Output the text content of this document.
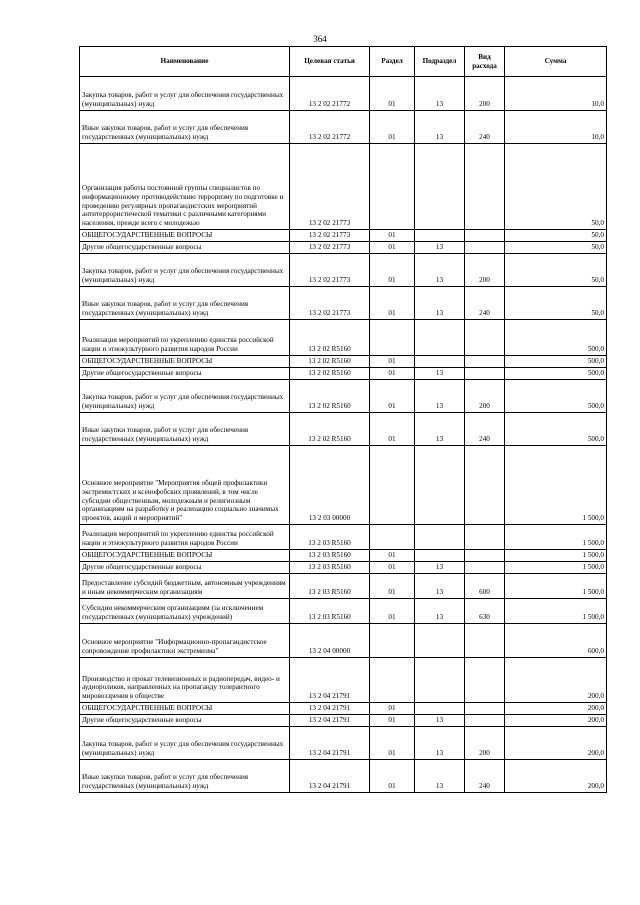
364
Наименование	Целевая статья	Раздел	Подраздел	Вид расхода	Сумма
Закупка товаров, работ и услуг для обеспечения государственных (муниципальных) нужд	13 2 02 21772	01	13	200	10,0
Иные закупки товаров, работ и услуг для обеспечения государственных (муниципальных) нужд	13 2 02 21772	01	13	240	10,0
Организация работы постоянной группы специалистов по информационному противодействию терроризму по подготовке и проведению регулярных пропагандистских мероприятий антитеррористической тематики с различными категориями населения, прежде всего с молодежью	13 2 02 21773				50,0
ОБЩЕГОСУДАРСТВЕННЫЕ ВОПРОСЫ	13 2 02 21773	01			50,0
Другие общегосударственные вопросы	13 2 02 21773	01	13		50,0
Закупка товаров, работ и услуг для обеспечения государственных (муниципальных) нужд	13 2 02 21773	01	13	200	50,0
Иные закупки товаров, работ и услуг для обеспечения государственных (муниципальных) нужд	13 2 02 21773	01	13	240	50,0
Реализация мероприятий по укреплению единства российской нации и этнокультурного развития народов России	13 2 02 R5160				500,0
ОБЩЕГОСУДАРСТВЕННЫЕ ВОПРОСЫ	13 2 02 R5160	01			500,0
Другие общегосударственные вопросы	13 2 02 R5160	01	13		500,0
Закупка товаров, работ и услуг для обеспечения государственных (муниципальных) нужд	13 2 02 R5160	01	13	200	500,0
Иные закупки товаров, работ и услуг для обеспечения государственных (муниципальных) нужд	13 2 02 R5160	01	13	240	500,0
Основное мероприятие "Мероприятия общей профилактики экстремистских и ксенофобских проявлений, в том числе субсидии общественным, молодежным и религиозным организациям на разработку и реализацию социально значимых проектов, акций и мероприятий"	13 2 03 00000				1 500,0
Реализация мероприятий по укреплению единства российской нации и этнокультурного развития народов России	13 2 03 R5160				1 500,0
ОБЩЕГОСУДАРСТВЕННЫЕ ВОПРОСЫ	13 2 03 R5160	01			1 500,0
Другие общегосударственные вопросы	13 2 03 R5160	01	13		1 500,0
Предоставление субсидий бюджетным, автономным учреждениям и иным некоммерческим организациям	13 2 03 R5160	01	13	600	1 500,0
Субсидии некоммерческим организациям (за исключением государственных (муниципальных) учреждений)	13 2 03 R5160	01	13	630	1 500,0
Основное мероприятие "Информационно-пропагандистское сопровождение профилактики экстремизма"	13 2 04 00000				600,0
Производство и прокат телевизионных и радиопередач, видео- и аудиороликов, направленных на пропаганду толерантного мировоззрения в обществе	13 2 04 21791				200,0
ОБЩЕГОСУДАРСТВЕННЫЕ ВОПРОСЫ	13 2 04 21791	01			200,0
Другие общегосударственные вопросы	13 2 04 21791	01	13		200,0
Закупка товаров, работ и услуг для обеспечения государственных (муниципальных) нужд	13 2 04 21791	01	13	200	200,0
Иные закупки товаров, работ и услуг для обеспечения государственных (муниципальных) нужд	13 2 04 21791	01	13	240	200,0
